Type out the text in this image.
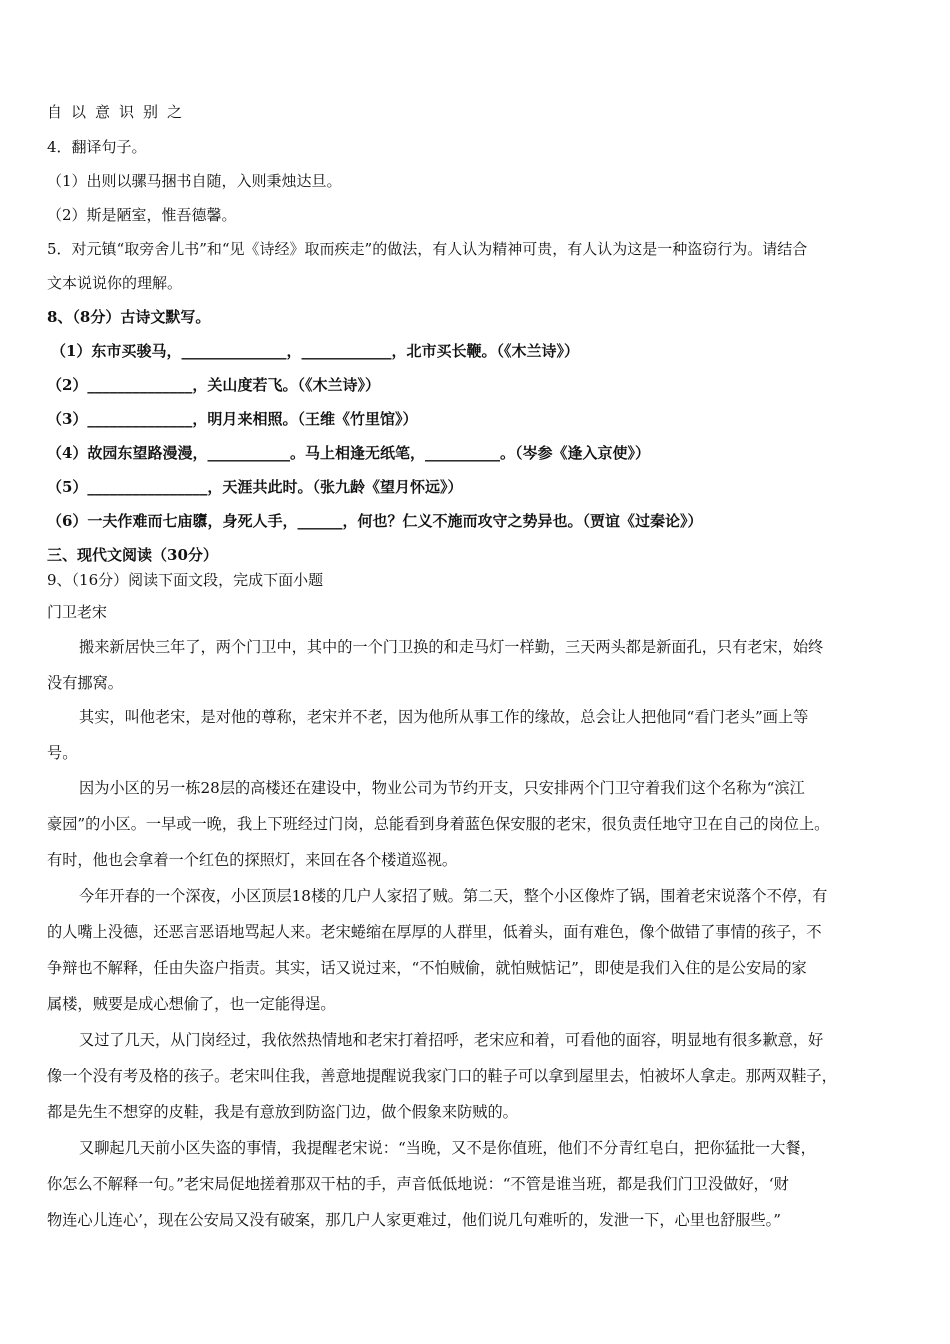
自以意识别之
4．翻译句子。
（1）出则以骡马捆书自随，入则秉烛达旦。
（2）斯是陋室，惟吾德馨。
5．对元镇“取旁舍儿书”和“见《诗经》取而疾走”的做法，有人认为精神可贵，有人认为这是一种盗窃行为。请结合
文本说说你的理解。
8、（8分）古诗文默写。
（1）东市买骏马，______________，____________，北市买长鞭。（《木兰诗》）
（2）______________，关山度若飞。（《木兰诗》）
（3）______________，明月来相照。（王维《竹里馆》）
（4）故园东望路漫漫，___________。马上相逢无纸笔，__________。（岑参《逢入京使》）
（5）________________，天涯共此时。（张九龄《望月怀远》）
（6）一夫作难而七庙隳，身死人手，______，何也？仁义不施而攻守之势异也。（贾谊《过秦论》）
三、现代文阅读（30分）
9、（16分）阅读下面文段，完成下面小题
门卫老宋
搬来新居快三年了，两个门卫中，其中的一个门卫换的和走马灯一样勤，三天两头都是新面孔，只有老宋，始终
没有挪窝。
其实，叫他老宋，是对他的尊称，老宋并不老，因为他所从事工作的缘故，总会让人把他同“看门老头”画上等
号。
因为小区的另一栋28层的高楼还在建设中，物业公司为节约开支，只安排两个门卫守着我们这个名称为“滨江
豪园”的小区。一早或一晚，我上下班经过门岗，总能看到身着蓝色保安服的老宋，很负责任地守卫在自己的岗位上。
有时，他也会拿着一个红色的探照灯，来回在各个楼道巡视。
今年开春的一个深夜，小区顶层18楼的几户人家招了贼。第二天，整个小区像炸了锅，围着老宋说落个不停，有
的人嘴上没德，还恶言恶语地骂起人来。老宋蜷缩在厚厚的人群里，低着头，面有难色，像个做错了事情的孩子，不
争辩也不解释，任由失盗户指责。其实，话又说过来，“不怕贼偷，就怕贼惦记”，即使是我们入住的是公安局的家
属楼，贼要是成心想偷了，也一定能得逞。
又过了几天，从门岗经过，我依然热情地和老宋打着招呼，老宋应和着，可看他的面容，明显地有很多歉意，好
像一个没有考及格的孩子。老宋叫住我，善意地提醒说我家门口的鞋子可以拿到屋里去，怕被坏人拿走。那两双鞋子，
都是先生不想穿的皮鞋，我是有意放到防盗门边，做个假象来防贼的。
又聊起几天前小区失盗的事情，我提醒老宋说：“当晚，又不是你值班，他们不分青红皂白，把你猛批一大餐，
你怎么不解释一句。”老宋局促地搓着那双干枯的手，声音低低地说：“不管是谁当班，都是我们门卫没做好，‘财
物连心儿连心’，现在公安局又没有破案，那几户人家更难过，他们说几句难听的，发泄一下，心里也舒服些。”
